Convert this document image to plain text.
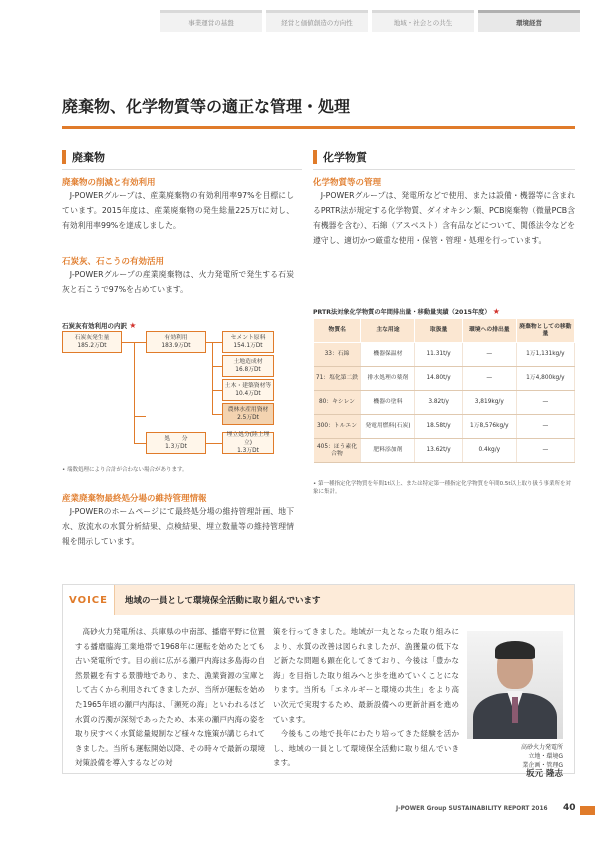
事業運営の基盤	経営と価値創造の方向性	地域・社会との共生	環境経営
廃棄物、化学物質等の適正な管理・処理
廃棄物
廃棄物の削減と有効利用
J-POWERグループは、産業廃棄物の有効利用率97%を目標にしています。2015年度は、産業廃棄物の発生総量225万tに対し、有効利用率99%を達成しました。
石炭灰、石こうの有効活用
J-POWERグループの産業廃棄物は、火力発電所で発生する石炭灰と石こうで97%を占めています。
石炭灰有効利用の内訳 ★
石炭灰発生量
185.2万Dt
有効利用
183.9万Dt
セメント原料
154.1万Dt
土地造成材
16.8万Dt
土木・建築資材等
10.4万Dt
農林水産用資材
2.5万Dt
処　　分
1.3万Dt
埋立処分(陸上埋立)
1.3万Dt
• 端数処理により合計が合わない場合があります。
産業廃棄物最終処分場の維持管理情報
J-POWERのホームページにて最終処分場の維持管理計画、地下水、放流水の水質分析結果、点検結果、埋立数量等の維持管理情報を開示しています。
化学物質
化学物質等の管理
J-POWERグループは、発電所などで使用、または設備・機器等に含まれるPRTR法が規定する化学物質、ダイオキシン類、PCB廃棄物（微量PCB含有機器を含む）、石綿（アスベスト）含有品などについて、関係法令などを遵守し、適切かつ厳重な使用・保管・管理・処理を行っています。
PRTR法対象化学物質の年間排出量・移動量実績（2015年度） ★
物質名	主な用途	取扱量	環境への排出量	廃棄物としての移動量
33：石綿	機器保温材	11.31t/y	—	1万1,131kg/y
71：塩化第二鉄	排水処理の薬剤	14.80t/y	—	1万4,800kg/y
80：キシレン	機器の塗料	3.82t/y	3,819kg/y	—
300：トルエン	発電用燃料(石炭)	18.58t/y	1万8,576kg/y	—
405：ほう素化合物	肥料添加剤	13.62t/y	0.4kg/y	—
• 第一種指定化学物質を年間1t以上、または特定第一種指定化学物質を年間0.5t以上取り扱う事業所を対象に集計。
VOICE	地域の一員として環境保全活動に取り組んでいます
高砂火力発電所は、兵庫県の中南部、播磨平野に位置する播磨臨海工業地帯で1968年に運転を始めたとても古い発電所です。目の前に広がる瀬戸内海は多島海の自然景観を有する景勝地であり、また、漁業資源の宝庫として古くから利用されてきましたが、当所が運転を始めた1965年頃の瀬戸内海は、「瀕死の海」といわれるほど水質の汚濁が深刻であったため、本来の瀬戸内海の姿を取り戻すべく水質総量規制など様々な施策が講じられてきました。当所も運転開始以降、その時々で最新の環境対策設備を導入するなどの対
策を行ってきました。地域が一丸となった取り組みにより、水質の改善は図られましたが、漁獲量の低下など新たな問題も顕在化してきており、今後は「豊かな海」を目指した取り組みへと歩を進めていくことになります。当所も「エネルギーと環境の共生」をより高い次元で実現するため、最新設備への更新計画を進めています。
　今後もこの地で長年にわたり培ってきた経験を活かし、地域の一員として環境保全活動に取り組んでいきます。
高砂火力発電所
立地・環境G
業企画・管理G
坂元 隆志
J-POWER Group SUSTAINABILITY REPORT 2016 40
